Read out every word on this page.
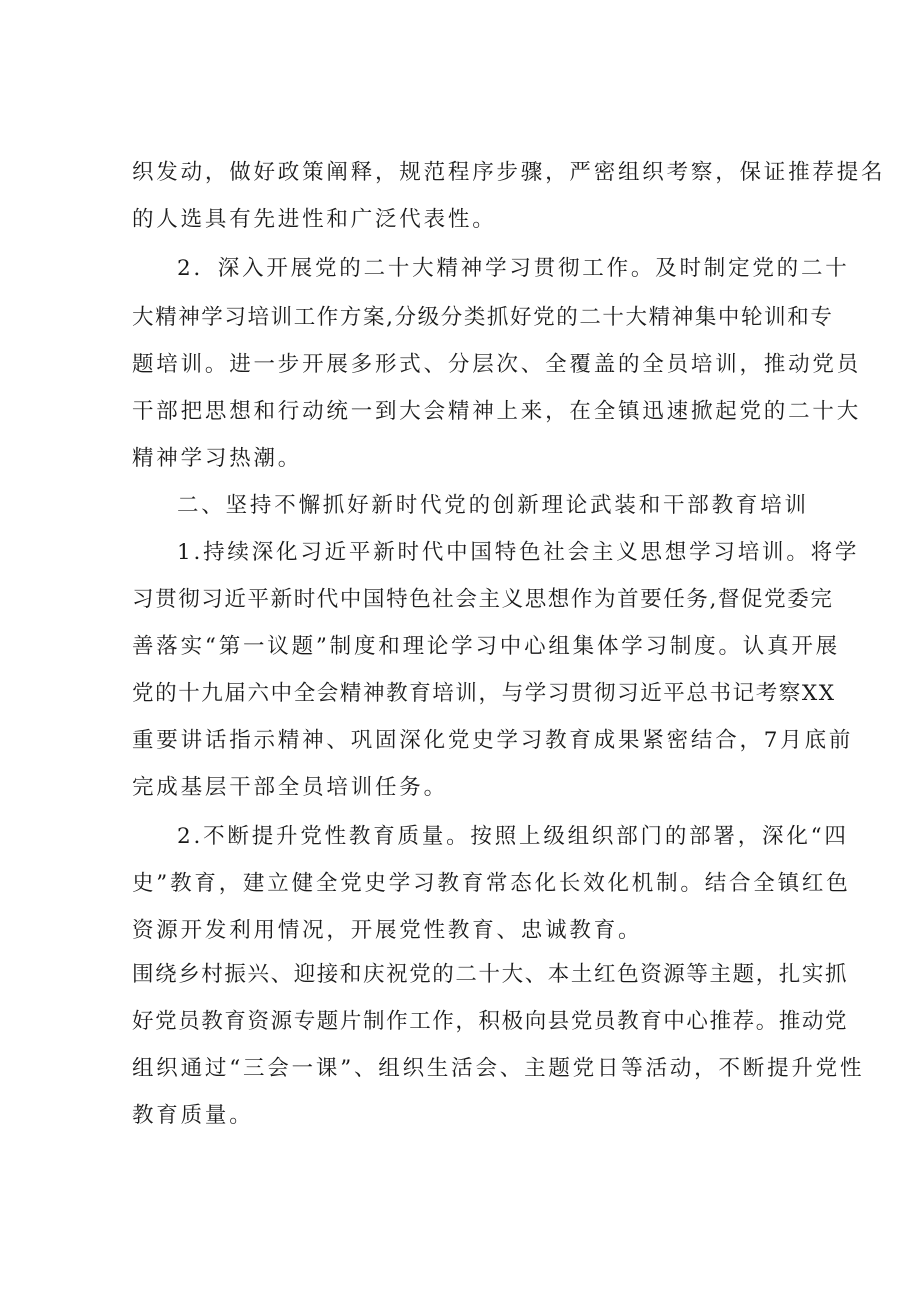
织发动，做好政策阐释，规范程序步骤，严密组织考察，保证推荐提名
的人选具有先进性和广泛代表性。
2．深入开展党的二十大精神学习贯彻工作。及时制定党的二十
大精神学习培训工作方案,分级分类抓好党的二十大精神集中轮训和专
题培训。进一步开展多形式、分层次、全覆盖的全员培训，推动党员
干部把思想和行动统一到大会精神上来，在全镇迅速掀起党的二十大
精神学习热潮。
二、坚持不懈抓好新时代党的创新理论武装和干部教育培训
1.持续深化习近平新时代中国特色社会主义思想学习培训。将学
习贯彻习近平新时代中国特色社会主义思想作为首要任务,督促党委完
善落实“第一议题”制度和理论学习中心组集体学习制度。认真开展
党的十九届六中全会精神教育培训，与学习贯彻习近平总书记考察XX
重要讲话指示精神、巩固深化党史学习教育成果紧密结合，7月底前
完成基层干部全员培训任务。
2.不断提升党性教育质量。按照上级组织部门的部署，深化“四
史”教育，建立健全党史学习教育常态化长效化机制。结合全镇红色
资源开发利用情况，开展党性教育、忠诚教育。
围绕乡村振兴、迎接和庆祝党的二十大、本土红色资源等主题，扎实抓
好党员教育资源专题片制作工作，积极向县党员教育中心推荐。推动党
组织通过“三会一课”、组织生活会、主题党日等活动，不断提升党性
教育质量。
